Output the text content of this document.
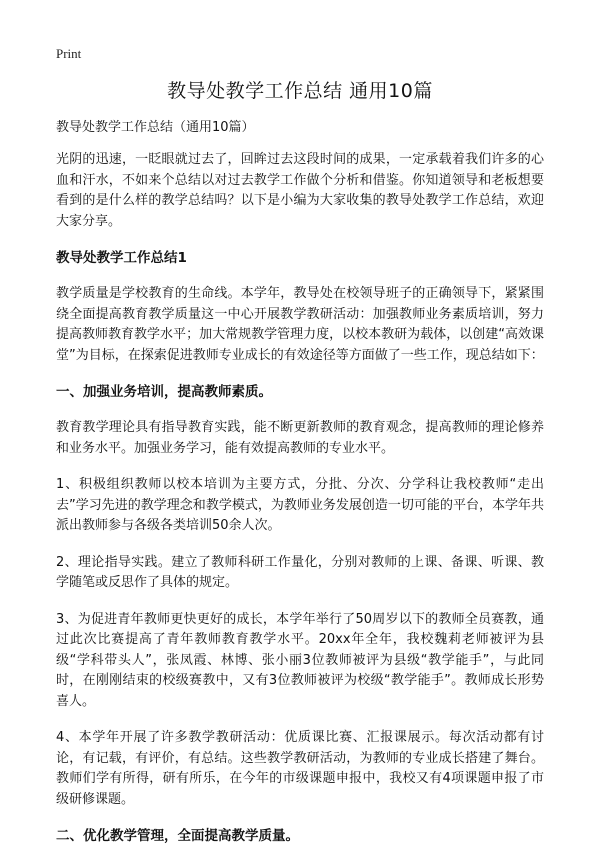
Print
教导处教学工作总结 通用10篇
教导处教学工作总结（通用10篇）

光阴的迅速，一眨眼就过去了，回眸过去这段时间的成果，一定承载着我们许多的心血和汗水，不如来个总结以对过去教学工作做个分析和借鉴。你知道领导和老板想要看到的是什么样的教学总结吗？以下是小编为大家收集的教导处教学工作总结，欢迎大家分享。

教导处教学工作总结1

教学质量是学校教育的生命线。本学年，教导处在校领导班子的正确领导下，紧紧围绕全面提高教育教学质量这一中心开展教学教研活动：加强教师业务素质培训，努力提高教师教育教学水平；加大常规教学管理力度，以校本教研为载体，以创建“高效课堂”为目标，在探索促进教师专业成长的有效途径等方面做了一些工作，现总结如下：

一、加强业务培训，提高教师素质。

教育教学理论具有指导教育实践，能不断更新教师的教育观念，提高教师的理论修养和业务水平。加强业务学习，能有效提高教师的专业水平。

1、积极组织教师以校本培训为主要方式，分批、分次、分学科让我校教师“走出去”学习先进的教学理念和教学模式，为教师业务发展创造一切可能的平台，本学年共派出教师参与各级各类培训50余人次。

2、理论指导实践。建立了教师科研工作量化，分别对教师的上课、备课、听课、教学随笔或反思作了具体的规定。

3、为促进青年教师更快更好的成长，本学年举行了50周岁以下的教师全员赛教，通过此次比赛提高了青年教师教育教学水平。20xx年全年，我校魏莉老师被评为县级“学科带头人”，张凤霞、林博、张小丽3位教师被评为县级“教学能手”，与此同时，在刚刚结束的校级赛教中，又有3位教师被评为校级“教学能手”。教师成长形势喜人。

4、本学年开展了许多教学教研活动：优质课比赛、汇报课展示。每次活动都有讨论，有记载，有评价，有总结。这些教学教研活动，为教师的专业成长搭建了舞台。教师们学有所得，研有所乐，在今年的市级课题申报中，我校又有4项课题申报了市级研修课题。

二、优化教学管理，全面提高教学质量。
